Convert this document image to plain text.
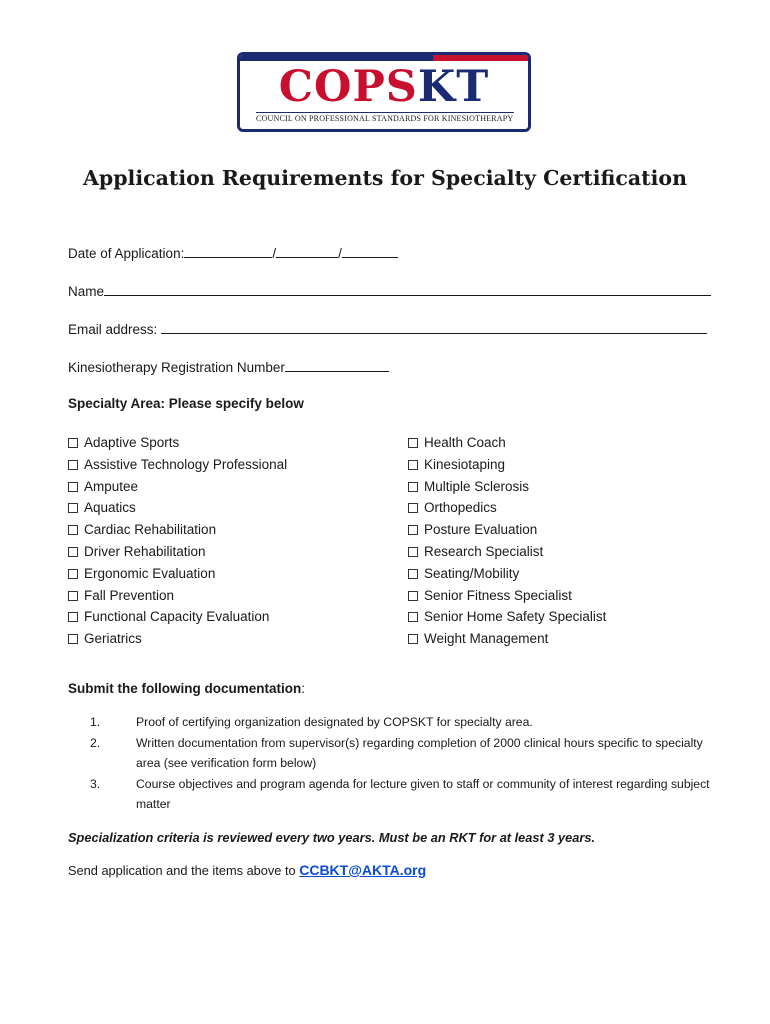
COPSKT
COUNCIL ON PROFESSIONAL STANDARDS FOR KINESIOTHERAPY
Application Requirements for Specialty Certification
Date of Application:	/	/
Name
Email address:
Kinesiotherapy Registration Number
Specialty Area: Please specify below
Adaptive Sports
Assistive Technology Professional
Amputee
Aquatics
Cardiac Rehabilitation
Driver Rehabilitation
Ergonomic Evaluation
Fall Prevention
Functional Capacity Evaluation
Geriatrics
Health Coach
Kinesiotaping
Multiple Sclerosis
Orthopedics
Posture Evaluation
Research Specialist
Seating/Mobility
Senior Fitness Specialist
Senior Home Safety Specialist
Weight Management
Submit the following documentation:
1.	Proof of certifying organization designated by COPSKT for specialty area.
2.	Written documentation from supervisor(s) regarding completion of 2000 clinical hours specific to specialty area (see verification form below)
3.	Course objectives and program agenda for lecture given to staff or community of interest regarding subject matter
Specialization criteria is reviewed every two years. Must be an RKT for at least 3 years.
Send application and the items above to CCBKT@AKTA.org
